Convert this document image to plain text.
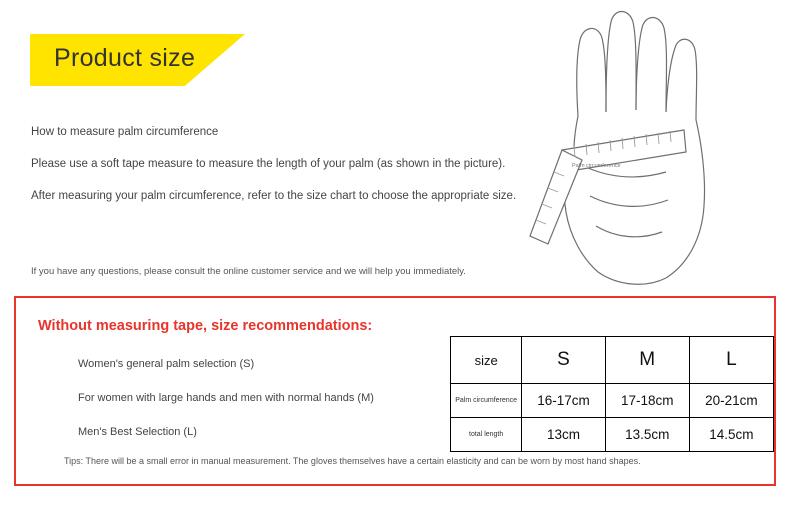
Product size
How to measure palm circumference
Please use a soft tape measure to measure the length of your palm (as shown in the picture).
After measuring your palm circumference, refer to the size chart to choose the appropriate size.
If you have any questions, please consult the online customer service and we will help you immediately.
Palm circumference
Without measuring tape, size recommendations:
Women's general palm selection (S)
For women with large hands and men with normal hands (M)
Men's Best Selection (L)
Tips: There will be a small error in manual measurement. The gloves themselves have a certain elasticity and can be worn by most hand shapes.
size	S	M	L
Palm circumference	16-17cm	17-18cm	20-21cm
total length	13cm	13.5cm	14.5cm
